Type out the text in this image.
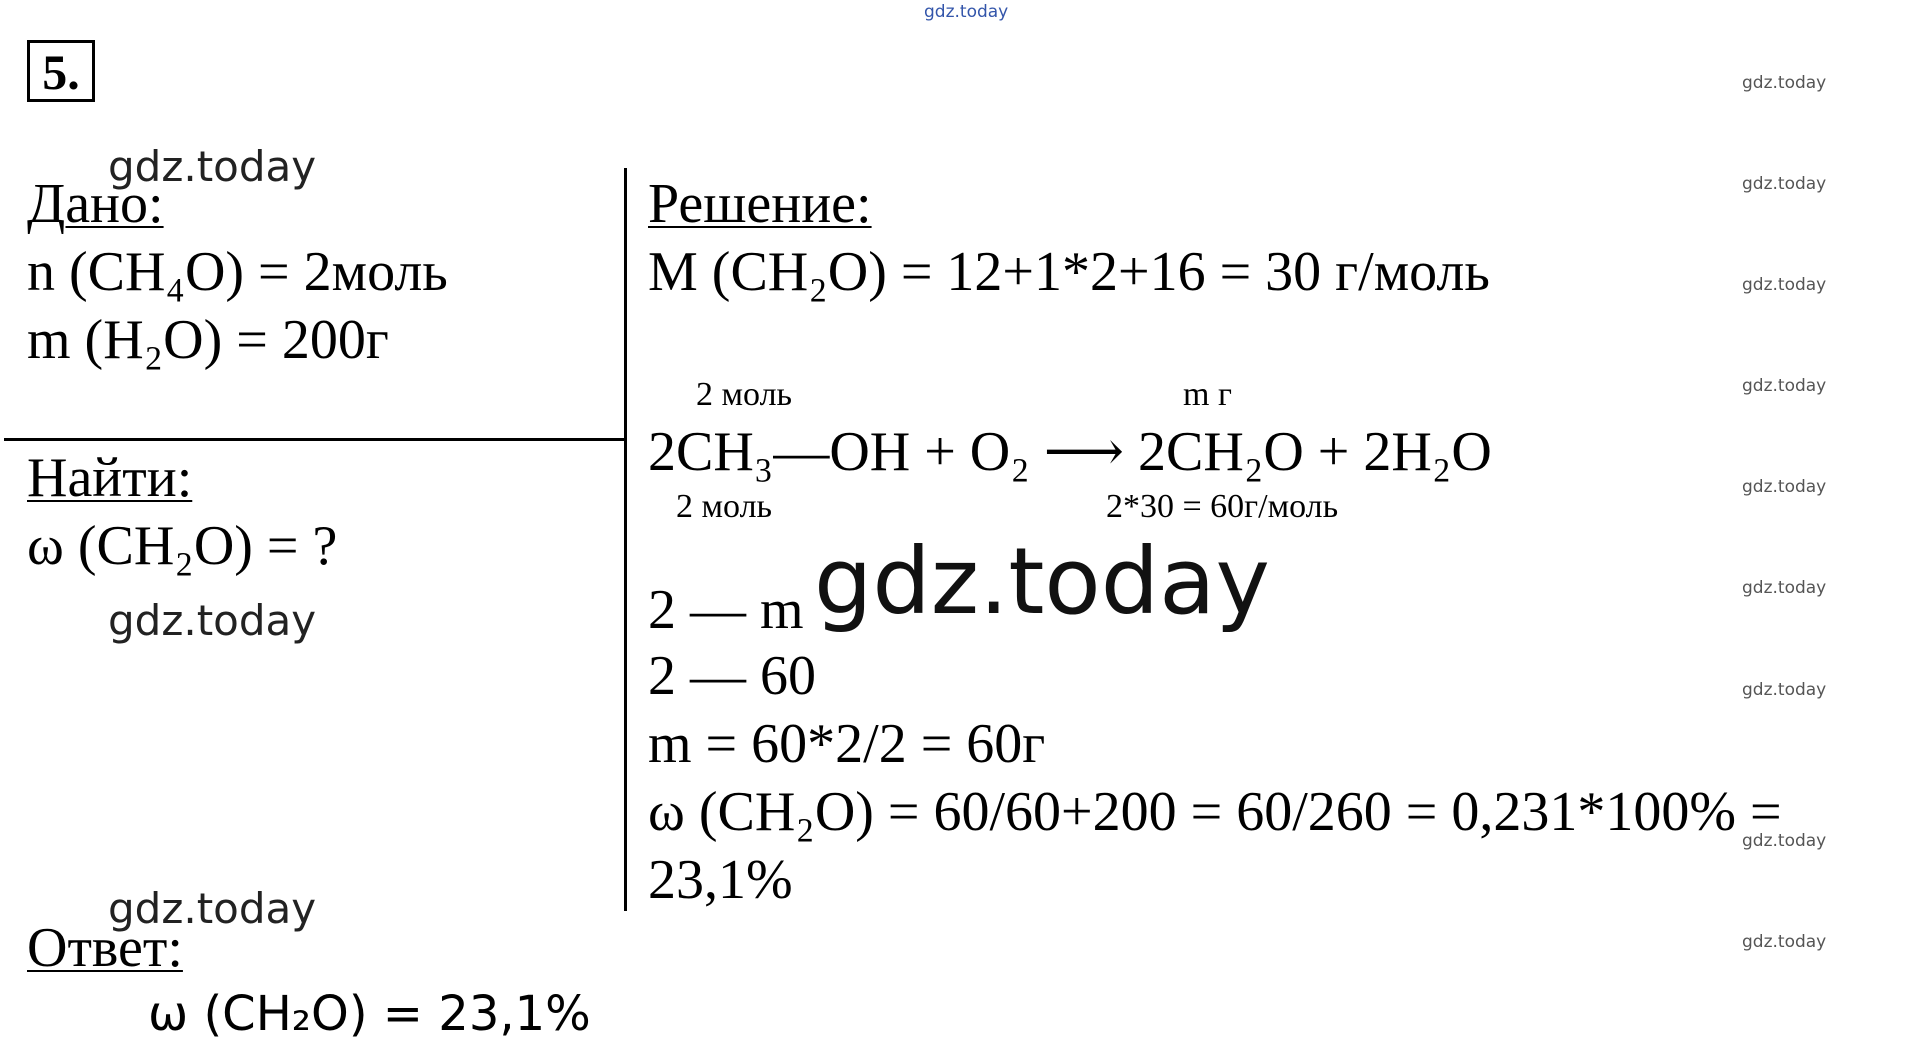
5.
Дано:
n (CH₄O) = 2моль
m (H₂O) = 200г
Найти:
ω (CH₂O) = ?
Решение:
M (CH₂O) = 12+1*2+16 = 30 г/моль
2 моль	m г
2CH₃—OH + O₂ ⟶ 2CH₂O + 2H₂O
2 моль	2*30 = 60г/моль
2 — m
2 — 60
m = 60*2/2 = 60г
ω (CH₂O) = 60/60+200 = 60/260 = 0,231*100% =
23,1%
Ответ:
ω (CH₂O) = 23,1%
gdz.today
gdz.today
gdz.today
gdz.today
gdz.today
gdz.today
gdz.today
gdz.today
gdz.today
gdz.today
gdz.today
gdz.today
gdz.today
gdz.today
